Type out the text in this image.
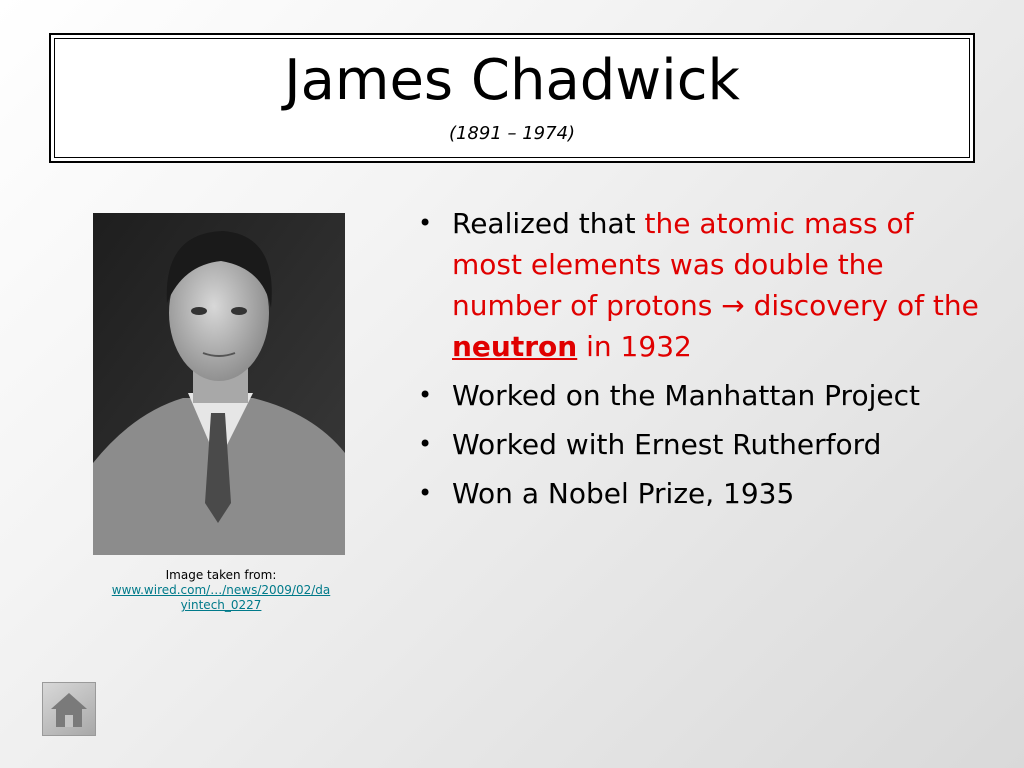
James Chadwick
(1891 – 1974)
Image taken from:
www.wired.com/…/news/2009/02/dayintech_0227
• Realized that the atomic mass of most elements was double the number of protons → discovery of the neutron in 1932
• Worked on the Manhattan Project
• Worked with Ernest Rutherford
• Won a Nobel Prize, 1935
